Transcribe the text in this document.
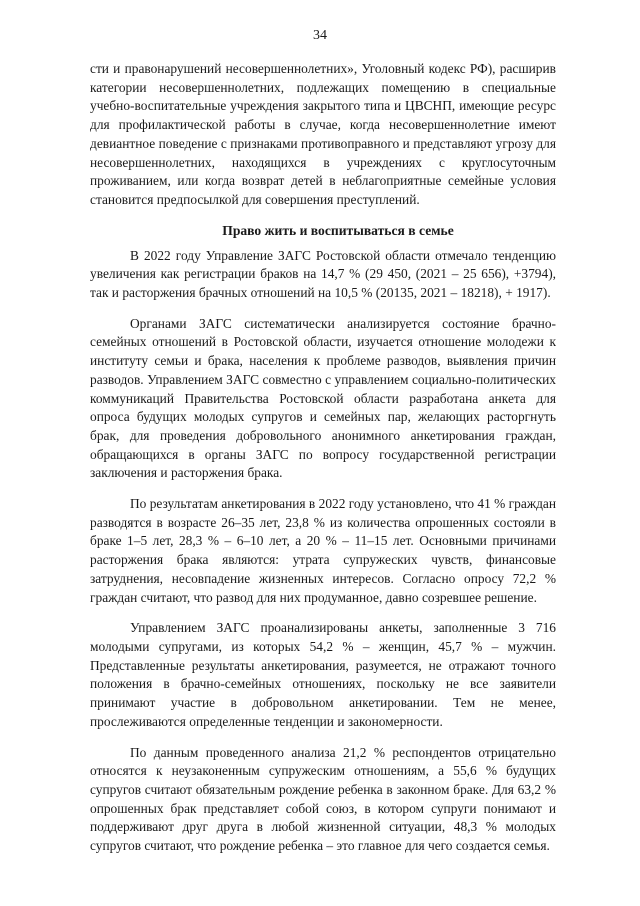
34

сти и правонарушений несовершеннолетних», Уголовный кодекс РФ), расширив категории несовершеннолетних, подлежащих помещению в специальные учебно-воспитательные учреждения закрытого типа и ЦВСНП, имеющие ресурс для профилактической работы в случае, когда несовершеннолетние имеют девиантное поведение с признаками противоправного и представляют угрозу для несовершеннолетних, находящихся в учреждениях с круглосуточным проживанием, или когда возврат детей в неблагоприятные семейные условия становится предпосылкой для совершения преступлений.

Право жить и воспитываться в семье

В 2022 году Управление ЗАГС Ростовской области отмечало тенденцию увеличения как регистрации браков на 14,7 % (29 450, (2021 – 25 656), +3794), так и расторжения брачных отношений на 10,5 % (20135, 2021 – 18218), + 1917).

Органами ЗАГС систематически анализируется состояние брачно-семейных отношений в Ростовской области, изучается отношение молодежи к институту семьи и брака, населения к проблеме разводов, выявления причин разводов. Управлением ЗАГС совместно с управлением социально-политических коммуникаций Правительства Ростовской области разработана анкета для опроса будущих молодых супругов и семейных пар, желающих расторгнуть брак, для проведения добровольного анонимного анкетирования граждан, обращающихся в органы ЗАГС по вопросу государственной регистрации заключения и расторжения брака.

По результатам анкетирования в 2022 году установлено, что 41 % граждан разводятся в возрасте 26–35 лет, 23,8 % из количества опрошенных состояли в браке 1–5 лет, 28,3 % – 6–10 лет, а 20 % – 11–15 лет. Основными причинами расторжения брака являются: утрата супружеских чувств, финансовые затруднения, несовпадение жизненных интересов. Согласно опросу 72,2 % граждан считают, что развод для них продуманное, давно созревшее решение.

Управлением ЗАГС проанализированы анкеты, заполненные 3 716 молодыми супругами, из которых 54,2 % – женщин, 45,7 % – мужчин. Представленные результаты анкетирования, разумеется, не отражают точного положения в брачно-семейных отношениях, поскольку не все заявители принимают участие в добровольном анкетировании. Тем не менее, прослеживаются определенные тенденции и закономерности.

По данным проведенного анализа 21,2 % респондентов отрицательно относятся к неузаконенным супружеским отношениям, а 55,6 % будущих супругов считают обязательным рождение ребенка в законном браке. Для 63,2 % опрошенных брак представляет собой союз, в котором супруги понимают и поддерживают друг друга в любой жизненной ситуации, 48,3 % молодых супругов считают, что рождение ребенка – это главное для чего создается семья.
